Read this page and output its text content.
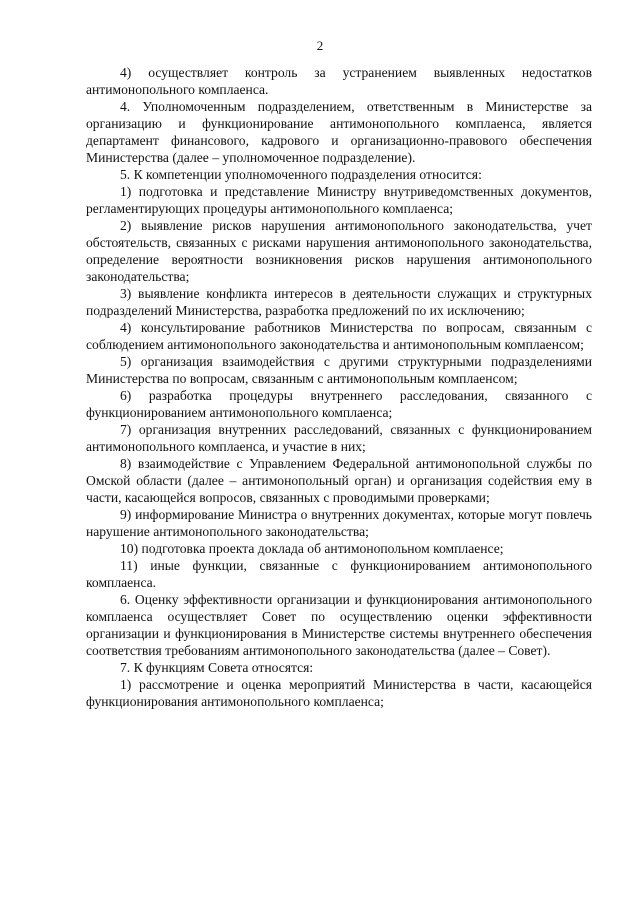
2

4) осуществляет контроль за устранением выявленных недостатков антимонопольного комплаенса.

4. Уполномоченным подразделением, ответственным в Министерстве за организацию и функционирование антимонопольного комплаенса, является департамент финансового, кадрового и организационно-правового обеспечения Министерства (далее – уполномоченное подразделение).

5. К компетенции уполномоченного подразделения относится:

1) подготовка и представление Министру внутриведомственных документов, регламентирующих процедуры антимонопольного комплаенса;

2) выявление рисков нарушения антимонопольного законодательства, учет обстоятельств, связанных с рисками нарушения антимонопольного законодательства, определение вероятности возникновения рисков нарушения антимонопольного законодательства;

3) выявление конфликта интересов в деятельности служащих и структурных подразделений Министерства, разработка предложений по их исключению;

4) консультирование работников Министерства по вопросам, связанным с соблюдением антимонопольного законодательства и антимонопольным комплаенсом;

5) организация взаимодействия с другими структурными подразделениями Министерства по вопросам, связанным с антимонопольным комплаенсом;

6) разработка процедуры внутреннего расследования, связанного с функционированием антимонопольного комплаенса;

7) организация внутренних расследований, связанных с функционированием антимонопольного комплаенса, и участие в них;

8) взаимодействие с Управлением Федеральной антимонопольной службы по Омской области (далее – антимонопольный орган) и организация содействия ему в части, касающейся вопросов, связанных с проводимыми проверками;

9) информирование Министра о внутренних документах, которые могут повлечь нарушение антимонопольного законодательства;

10) подготовка проекта доклада об антимонопольном комплаенсе;

11) иные функции, связанные с функционированием антимонопольного комплаенса.

6. Оценку эффективности организации и функционирования антимонопольного комплаенса осуществляет Совет по осуществлению оценки эффективности организации и функционирования в Министерстве системы внутреннего обеспечения соответствия требованиям антимонопольного законодательства (далее – Совет).

7. К функциям Совета относятся:

1) рассмотрение и оценка мероприятий Министерства в части, касающейся функционирования антимонопольного комплаенса;
